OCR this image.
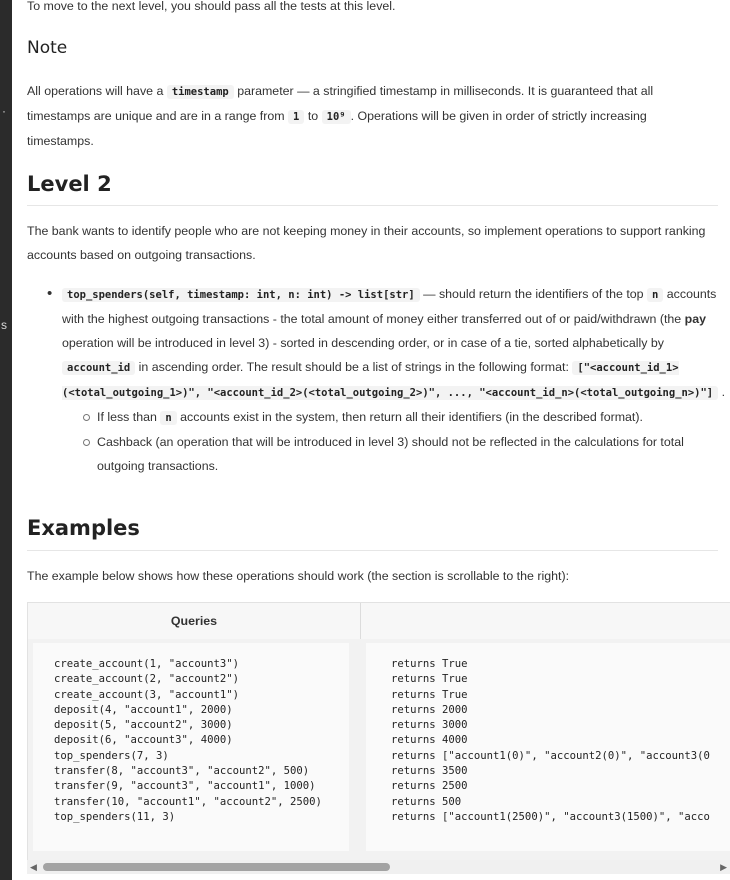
·
s
To move to the next level, you should pass all the tests at this level.
Note
All operations will have a timestamp parameter — a stringified timestamp in milliseconds. It is guaranteed that all timestamps are unique and are in a range from 1 to 10⁹ . Operations will be given in order of strictly increasing timestamps.
Level 2
The bank wants to identify people who are not keeping money in their accounts, so implement operations to support ranking accounts based on outgoing transactions.
• top_spenders(self, timestamp: int, n: int) -> list[str] — should return the identifiers of the top n accounts with the highest outgoing transactions - the total amount of money either transferred out of or paid/withdrawn (the pay operation will be introduced in level 3) - sorted in descending order, or in case of a tie, sorted alphabetically by account_id in ascending order. The result should be a list of strings in the following format: ["<account_id_1>(<total_outgoing_1>)", "<account_id_2>(<total_outgoing_2>)", ..., "<account_id_n>(<total_outgoing_n>)"] .
If less than n accounts exist in the system, then return all their identifiers (in the described format).
Cashback (an operation that will be introduced in level 3) should not be reflected in the calculations for total outgoing transactions.
Examples
The example below shows how these operations should work (the section is scrollable to the right):
Queries
create_account(1, "account3")
create_account(2, "account2")
create_account(3, "account1")
deposit(4, "account1", 2000)
deposit(5, "account2", 3000)
deposit(6, "account3", 4000)
top_spenders(7, 3)
transfer(8, "account3", "account2", 500)
transfer(9, "account3", "account1", 1000)
transfer(10, "account1", "account2", 2500)
top_spenders(11, 3)
returns True
returns True
returns True
returns 2000
returns 3000
returns 4000
returns ["account1(0)", "account2(0)", "account3(0
returns 3500
returns 2500
returns 500
returns ["account1(2500)", "account3(1500)", "acco
◀	▶
